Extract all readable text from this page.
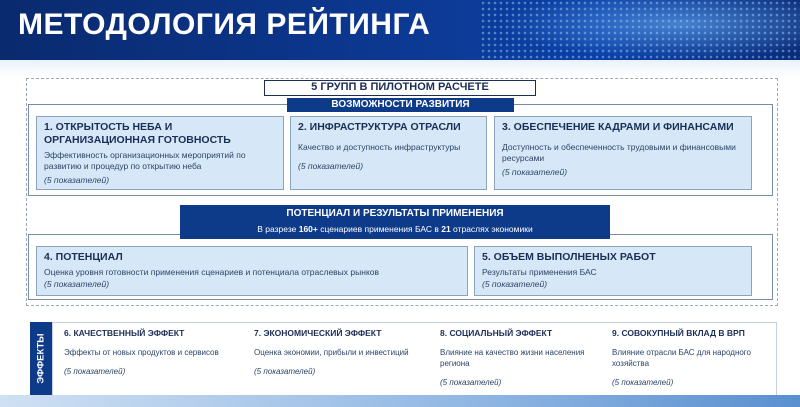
МЕТОДОЛОГИЯ РЕЙТИНГА
5 ГРУПП В ПИЛОТНОМ РАСЧЕТЕ
ВОЗМОЖНОСТИ РАЗВИТИЯ
1. ОТКРЫТОСТЬ НЕБА И ОРГАНИЗАЦИОННАЯ ГОТОВНОСТЬ
Эффективность организационных мероприятий по развитию и процедур по открытию неба
(5 показателей)
2. ИНФРАСТРУКТУРА ОТРАСЛИ
Качество и доступность инфраструктуры
(5 показателей)
3. ОБЕСПЕЧЕНИЕ КАДРАМИ И ФИНАНСАМИ
Доступность и обеспеченность трудовыми и финансовыми ресурсами
(5 показателей)
ПОТЕНЦИАЛ И РЕЗУЛЬТАТЫ ПРИМЕНЕНИЯ
В разрезе 160+ сценариев применения БАС в 21 отраслях экономики
4. ПОТЕНЦИАЛ
Оценка уровня готовности применения сценариев и потенциала отраслевых рынков
(5 показателей)
5. ОБЪЕМ ВЫПОЛНЕНЫХ РАБОТ
Результаты применения БАС
(5 показателей)
ЭФФЕКТЫ
6. КАЧЕСТВЕННЫЙ ЭФФЕКТ
Эффекты от новых продуктов и сервисов
(5 показателей)
7. ЭКОНОМИЧЕСКИЙ ЭФФЕКТ
Оценка экономии, прибыли и инвестиций
(5 показателей)
8. СОЦИАЛЬНЫЙ ЭФФЕКТ
Влияние на качество жизни населения региона
(5 показателей)
9. СОВОКУПНЫЙ ВКЛАД В ВРП
Влияние отрасли БАС для народного хозяйства
(5 показателей)
